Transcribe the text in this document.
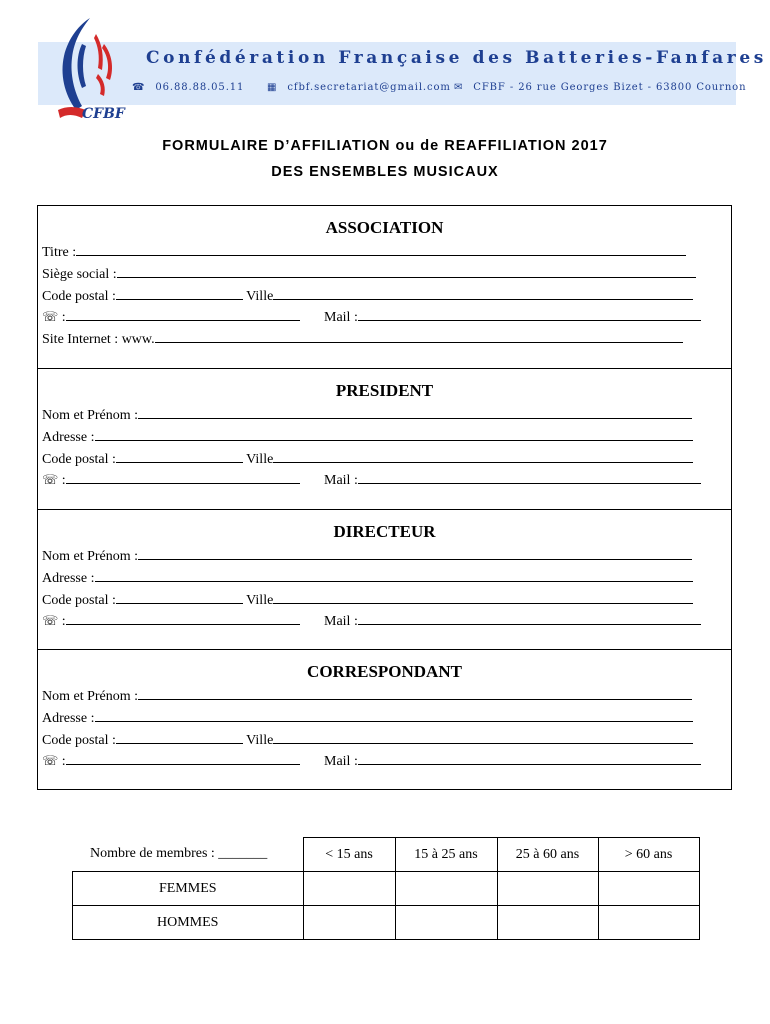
CFBF
Confédération Française des Batteries-Fanfares
☎ 06.88.88.05.11 ▦ cfbf.secretariat@gmail.com ✉ CFBF - 26 rue Georges Bizet - 63800 Cournon
FORMULAIRE D’AFFILIATION ou de REAFFILIATION 2017
DES ENSEMBLES MUSICAUX
ASSOCIATION
Titre :
Siège social :
Code postal :	Ville
☏ :	Mail :
Site Internet : www.
PRESIDENT
Nom et Prénom :
Adresse :
Code postal :	Ville
☏ :	Mail :
DIRECTEUR
Nom et Prénom :
Adresse :
Code postal :	Ville
☏ :	Mail :
CORRESPONDANT
Nom et Prénom :
Adresse :
Code postal :	Ville
☏ :	Mail :
	< 15 ans	15 à 25 ans	25 à 60 ans	> 60 ans
FEMMES				
HOMMES				
Nombre de membres : _______
